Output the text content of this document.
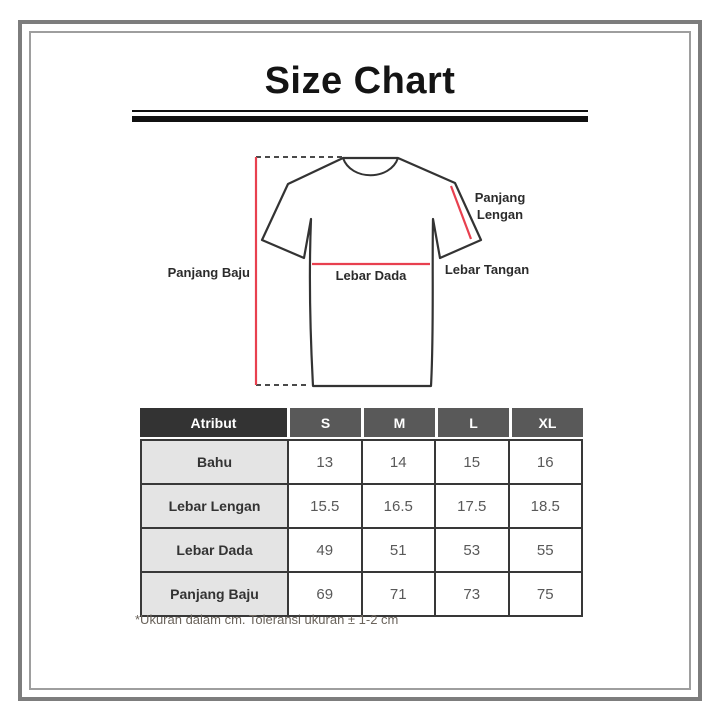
Size Chart
Panjang Baju	Lebar Dada
Panjang Lengan
Lebar Tangan
Atribut	S	M	L	XL
Bahu	13	14	15	16
Lebar Lengan	15.5	16.5	17.5	18.5
Lebar Dada	49	51	53	55
Panjang Baju	69	71	73	75
*Ukuran dalam cm. Toleransi ukuran ± 1-2 cm
